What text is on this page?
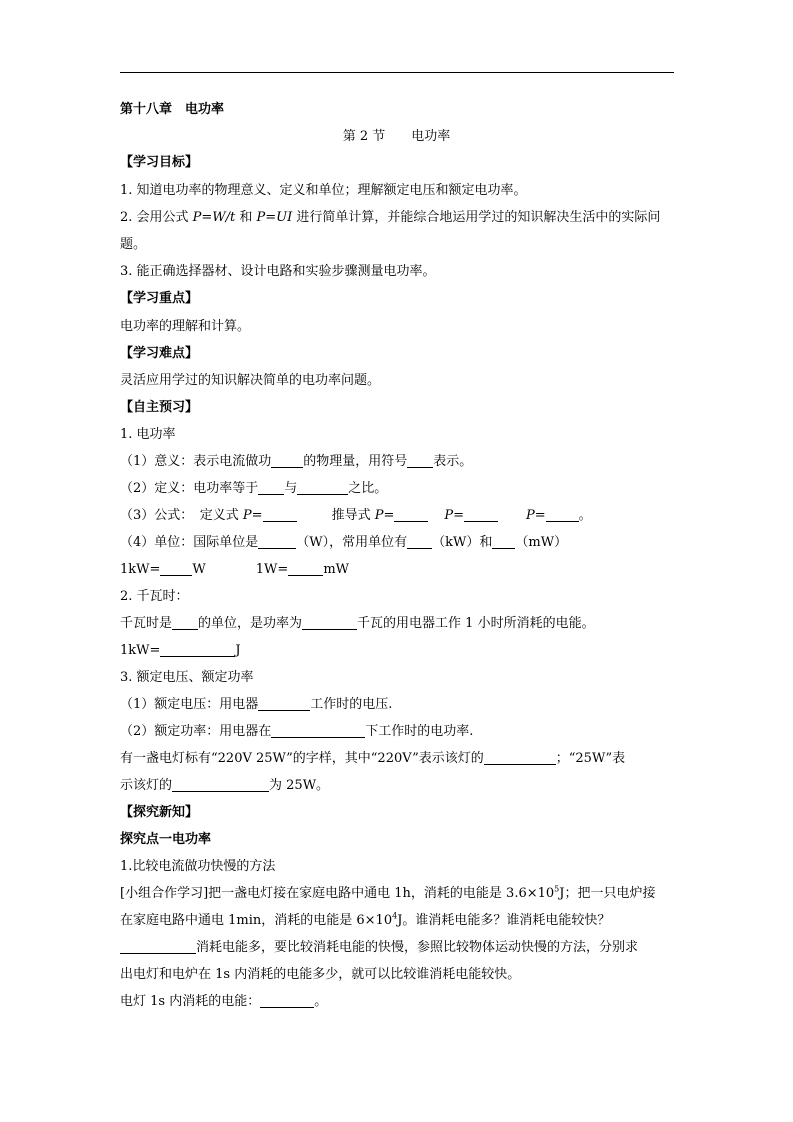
第十八章　电功率
第 2 节　　电功率
【学习目标】
1. 知道电功率的物理意义、定义和单位；理解额定电压和额定电功率。
2. 会用公式 P=W/t 和 P=UI 进行简单计算，并能综合地运用学过的知识解决生活中的实际问
题。
3. 能正确选择器材、设计电路和实验步骤测量电功率。
【学习重点】
电功率的理解和计算。
【学习难点】
灵活应用学过的知识解决简单的电功率问题。
【自主预习】
1. 电功率
（1）意义：表示电流做功 的物理量，用符号 表示。
（2）定义：电功率等于 与	之比。
（3）公式：　定义式 P=	　推导式 P=	P=	P=	。
（4）单位：国际单位是	（W），常用单位有 （kW）和 （mW）
1kW= W	1W=	mW
2. 千瓦时：
千瓦时是 的单位，是功率为	千瓦的用电器工作 1 小时所消耗的电能。
1kW=	J
3. 额定电压、额定功率
（1）额定电压：用电器	工作时的电压.
（2）额定功率：用电器在	下工作时的电功率.
有一盏电灯标有“220V 25W”的字样，其中“220V”表示该灯的	；“25W”表
示该灯的	为 25W。
【探究新知】
探究点一电功率
1.比较电流做功快慢的方法
[小组合作学习]把一盏电灯接在家庭电路中通电 1h，消耗的电能是 $3.6\times 10^5J$；把一只电炉接
在家庭电路中通电 1min，消耗的电能是 $6\times 10^4J$。谁消耗电能多？谁消耗电能较快？
消耗电能多，要比较消耗电能的快慢，参照比较物体运动快慢的方法，分别求
出电灯和电炉在 1s 内消耗的电能多少，就可以比较谁消耗电能较快。
电灯 1s 内消耗的电能：	。
